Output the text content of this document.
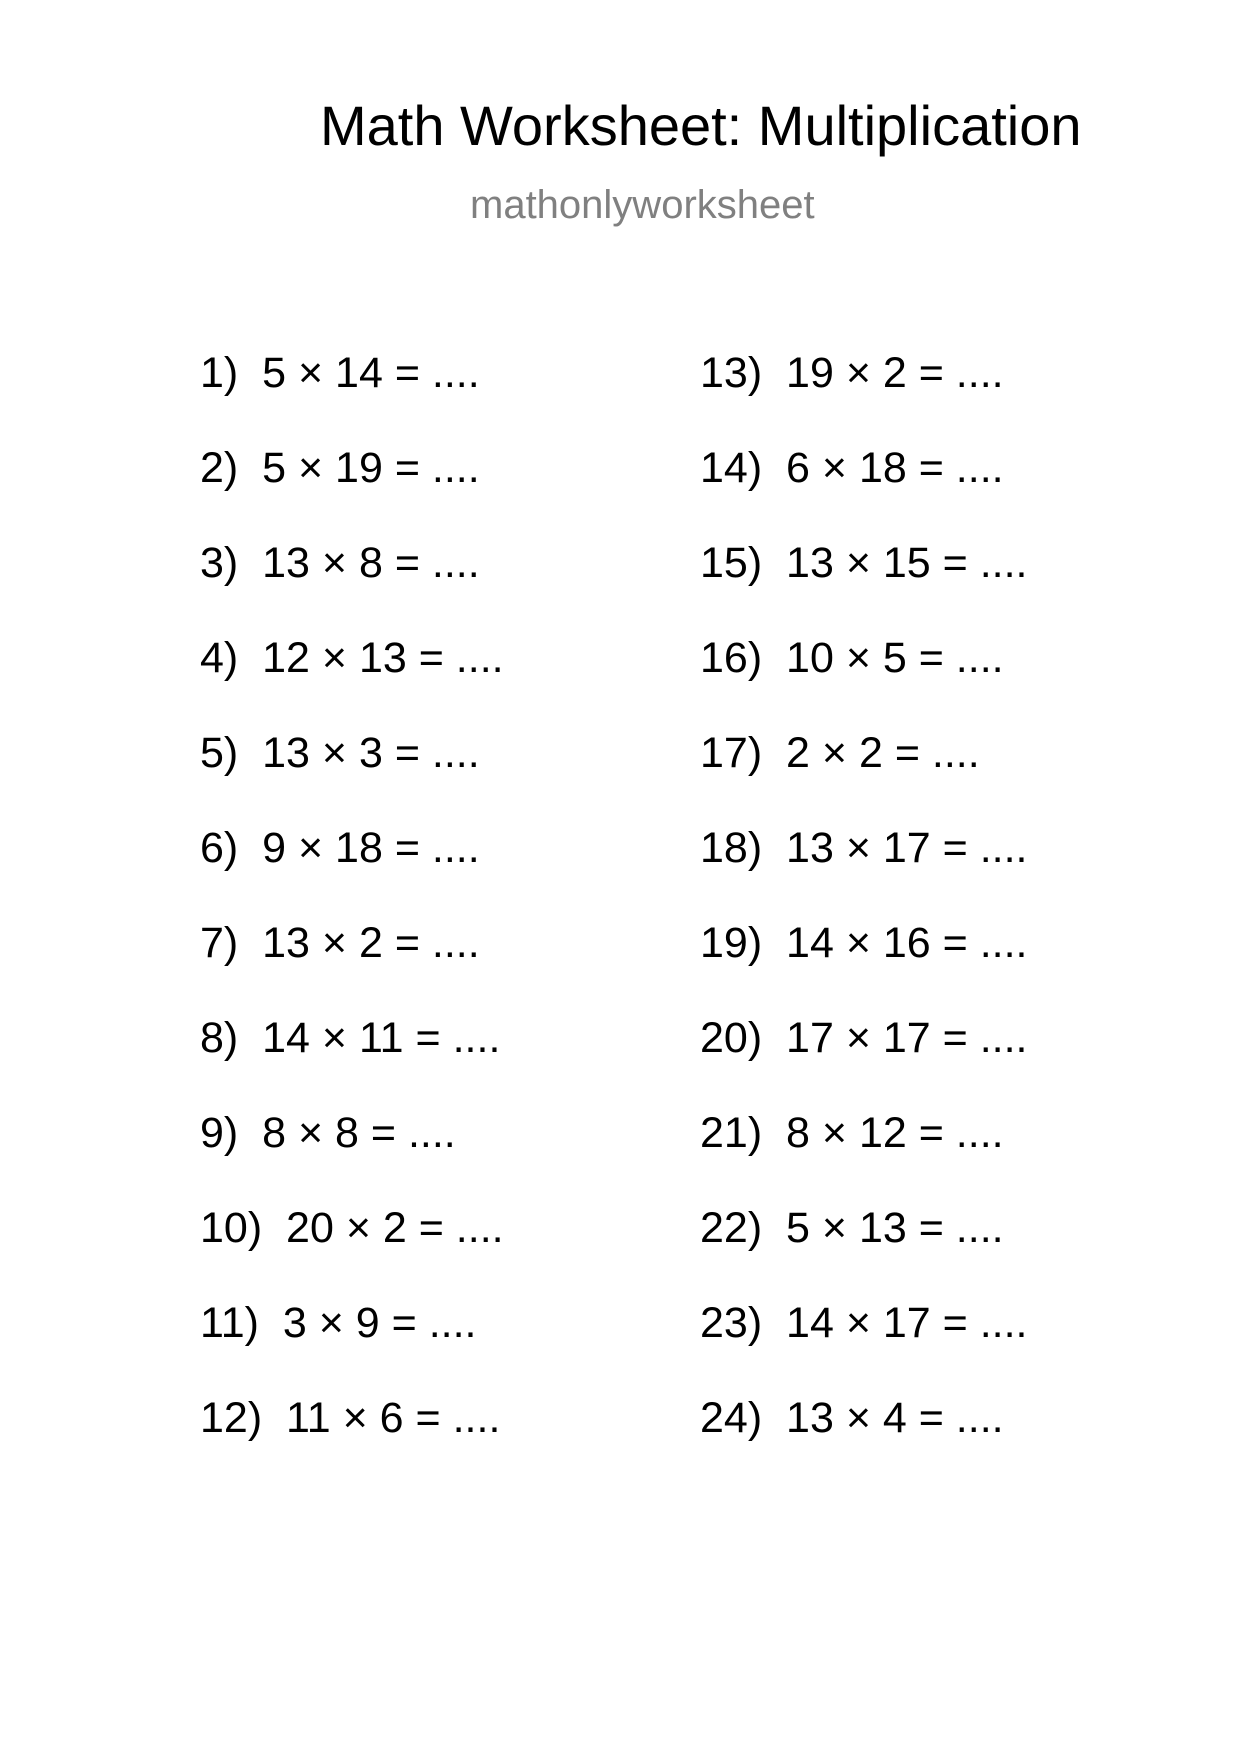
Math Worksheet: Multiplication
mathonlyworksheet
1)  5 × 14 = ....
2)  5 × 19 = ....
3)  13 × 8 = ....
4)  12 × 13 = ....
5)  13 × 3 = ....
6)  9 × 18 = ....
7)  13 × 2 = ....
8)  14 × 11 = ....
9)  8 × 8 = ....
10)  20 × 2 = ....
11)  3 × 9 = ....
12)  11 × 6 = ....
13)  19 × 2 = ....
14)  6 × 18 = ....
15)  13 × 15 = ....
16)  10 × 5 = ....
17)  2 × 2 = ....
18)  13 × 17 = ....
19)  14 × 16 = ....
20)  17 × 17 = ....
21)  8 × 12 = ....
22)  5 × 13 = ....
23)  14 × 17 = ....
24)  13 × 4 = ....
